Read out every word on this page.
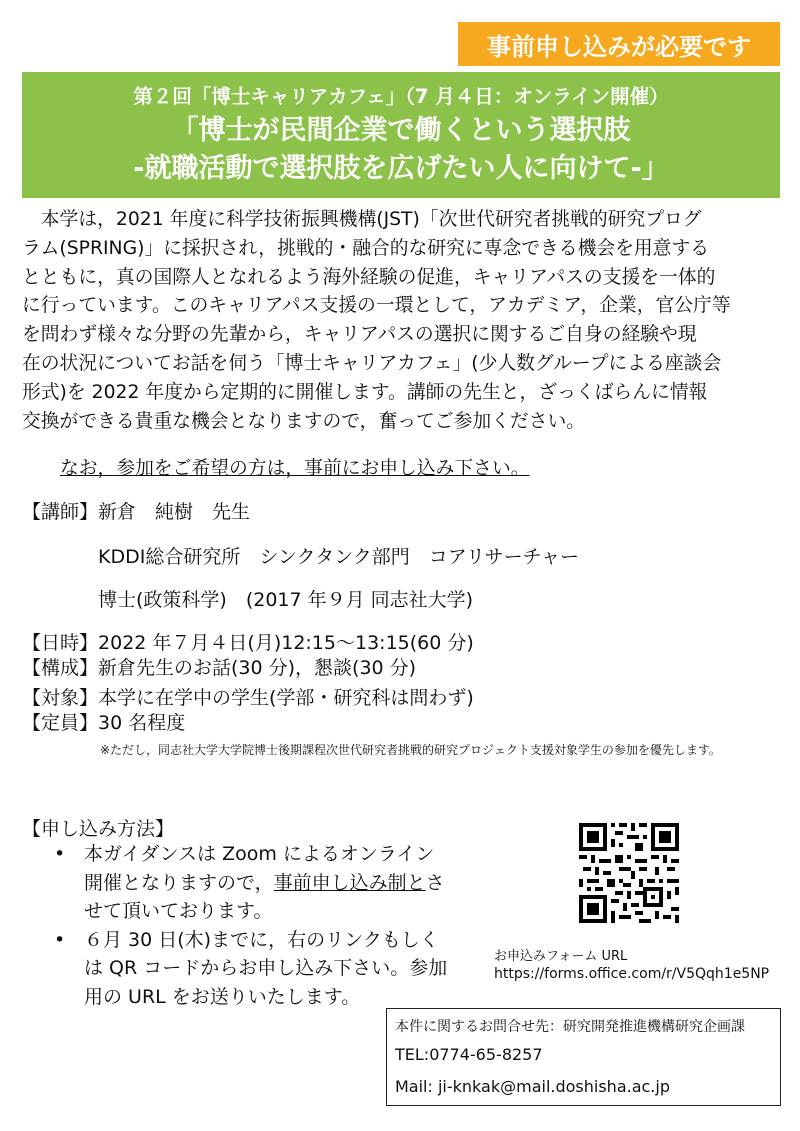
事前申し込みが必要です
第２回「博士キャリアカフェ」（7 月４日：オンライン開催）
「博士が民間企業で働くという選択肢
-就職活動で選択肢を広げたい人に向けて-」

　本学は，2021 年度に科学技術振興機構(JST)「次世代研究者挑戦的研究プログ
ラム(SPRING)」に採択され，挑戦的・融合的な研究に専念できる機会を用意する
とともに，真の国際人となれるよう海外経験の促進，キャリアパスの支援を一体的
に行っています。このキャリアパス支援の一環として，アカデミア，企業，官公庁等
を問わず様々な分野の先輩から，キャリアパスの選択に関するご自身の経験や現
在の状況についてお話を伺う「博士キャリアカフェ」(少人数グループによる座談会
形式)を 2022 年度から定期的に開催します。講師の先生と，ざっくばらんに情報
交換ができる貴重な機会となりますので，奮ってご参加ください。

なお，参加をご希望の方は，事前にお申し込み下さい。
【講師】新倉　純樹　先生
KDDI総合研究所　シンクタンク部門　コアリサーチャー
博士(政策科学)　(2017 年９月 同志社大学)
【日時】2022 年７月４日(月)12:15～13:15(60 分)
【構成】新倉先生のお話(30 分)，懇談(30 分)
【対象】本学に在学中の学生(学部・研究科は問わず)
【定員】30 名程度
※ただし，同志社大学大学院博士後期課程次世代研究者挑戦的研究プロジェクト支援対象学生の参加を優先します。
【申し込み方法】
• 本ガイダンスは Zoom によるオンライン
開催となりますので，事前申し込み制とさ
せて頂いております。
• ６月 30 日(木)までに，右のリンクもしく
は QR コードからお申し込み下さい。参加
用の URL をお送りいたします。
お申込みフォーム URL
https://forms.office.com/r/V5Qqh1e5NP
本件に関するお問合せ先：研究開発推進機構研究企画課
TEL:0774-65-8257
Mail: ji-knkak@mail.doshisha.ac.jp
